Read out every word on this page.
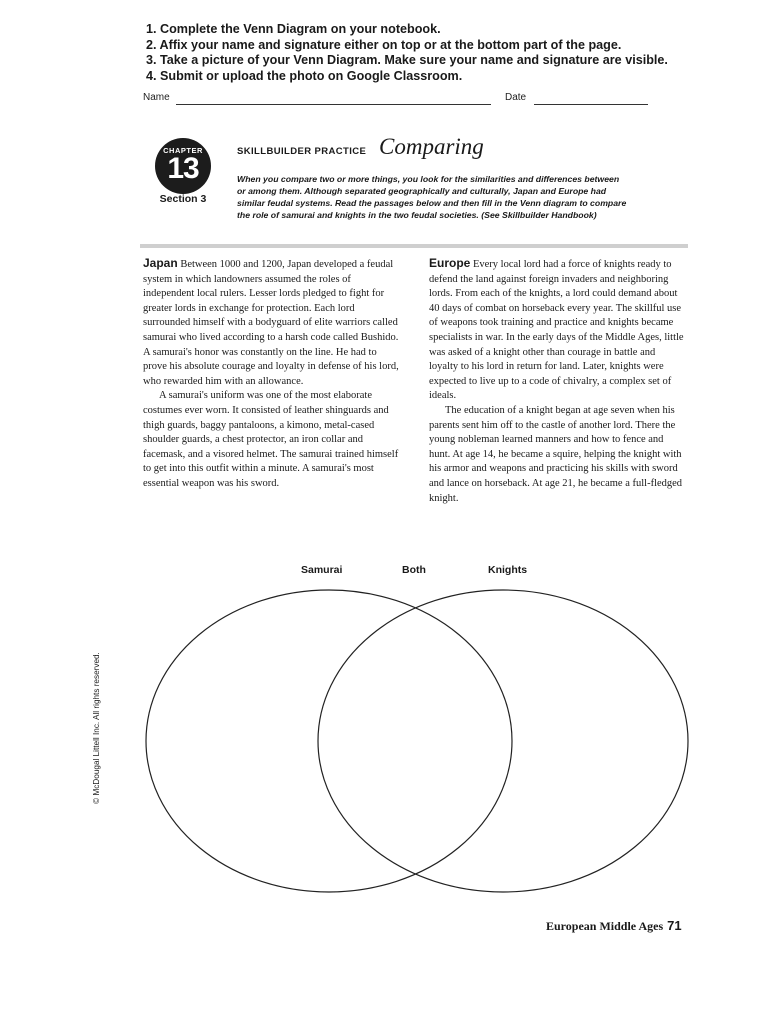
1. Complete the Venn Diagram on your notebook.
2. Affix your name and signature either on top or at the bottom part of the page.
3. Take a picture of your Venn Diagram. Make sure your name and signature are visible.
4. Submit or upload the photo on Google Classroom.
Name	Date
CHAPTER
13
Section 3
SKILLBUILDER PRACTICE Comparing
When you compare two or more things, you look for the similarities and differences between or among them. Although separated geographically and culturally, Japan and Europe had similar feudal systems. Read the passages below and then fill in the Venn diagram to compare the role of samurai and knights in the two feudal societies. (See Skillbuilder Handbook)

Japan Between 1000 and 1200, Japan developed a feudal system in which landowners assumed the roles of independent local rulers. Lesser lords pledged to fight for greater lords in exchange for protection. Each lord surrounded himself with a bodyguard of elite warriors called samurai who lived according to a harsh code called Bushido. A samurai's honor was constantly on the line. He had to prove his absolute courage and loyalty in defense of his lord, who rewarded him with an allowance.

A samurai's uniform was one of the most elaborate costumes ever worn. It consisted of leather shinguards and thigh guards, baggy pantaloons, a kimono, metal-cased shoulder guards, a chest protector, an iron collar and facemask, and a visored helmet. The samurai trained himself to get into this outfit within a minute. A samurai's most essential weapon was his sword.

Europe Every local lord had a force of knights ready to defend the land against foreign invaders and neighboring lords. From each of the knights, a lord could demand about 40 days of combat on horseback every year. The skillful use of weapons took training and practice and knights became specialists in war. In the early days of the Middle Ages, little was asked of a knight other than courage in battle and loyalty to his lord in return for land. Later, knights were expected to live up to a code of chivalry, a complex set of ideals.

The education of a knight began at age seven when his parents sent him off to the castle of another lord. There the young nobleman learned manners and how to fence and hunt. At age 14, he became a squire, helping the knight with his armor and weapons and practicing his skills with sword and lance on horseback. At age 21, he became a full-fledged knight.

Samurai	Both	Knights
© McDougal Littell Inc. All rights reserved.
European Middle Ages 71
